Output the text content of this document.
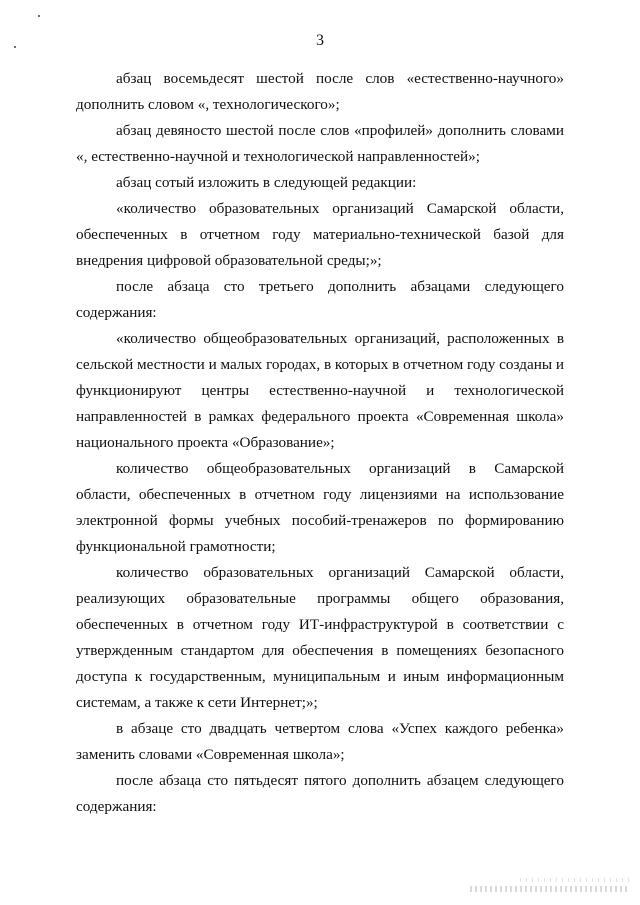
3

абзац восемьдесят шестой после слов «естественно-научного» дополнить словом «, технологического»;

абзац девяносто шестой после слов «профилей» дополнить словами «, естественно-научной и технологической направленностей»;

абзац сотый изложить в следующей редакции:

«количество образовательных организаций Самарской области, обеспеченных в отчетном году материально-технической базой для внедрения цифровой образовательной среды;»;

после абзаца сто третьего дополнить абзацами следующего содержания:

«количество общеобразовательных организаций, расположенных в сельской местности и малых городах, в которых в отчетном году созданы и функционируют центры естественно-научной и технологической направленностей в рамках федерального проекта «Современная школа» национального проекта «Образование»;

количество общеобразовательных организаций в Самарской области, обеспеченных в отчетном году лицензиями на использование электронной формы учебных пособий-тренажеров по формированию функциональной грамотности;

количество образовательных организаций Самарской области, реализующих образовательные программы общего образования, обеспеченных в отчетном году ИТ-инфраструктурой в соответствии с утвержденным стандартом для обеспечения в помещениях безопасного доступа к государственным, муниципальным и иным информационным системам, а также к сети Интернет;»;

в абзаце сто двадцать четвертом слова «Успех каждого ребенка» заменить словами «Современная школа»;

после абзаца сто пятьдесят пятого дополнить абзацем следующего содержания:
